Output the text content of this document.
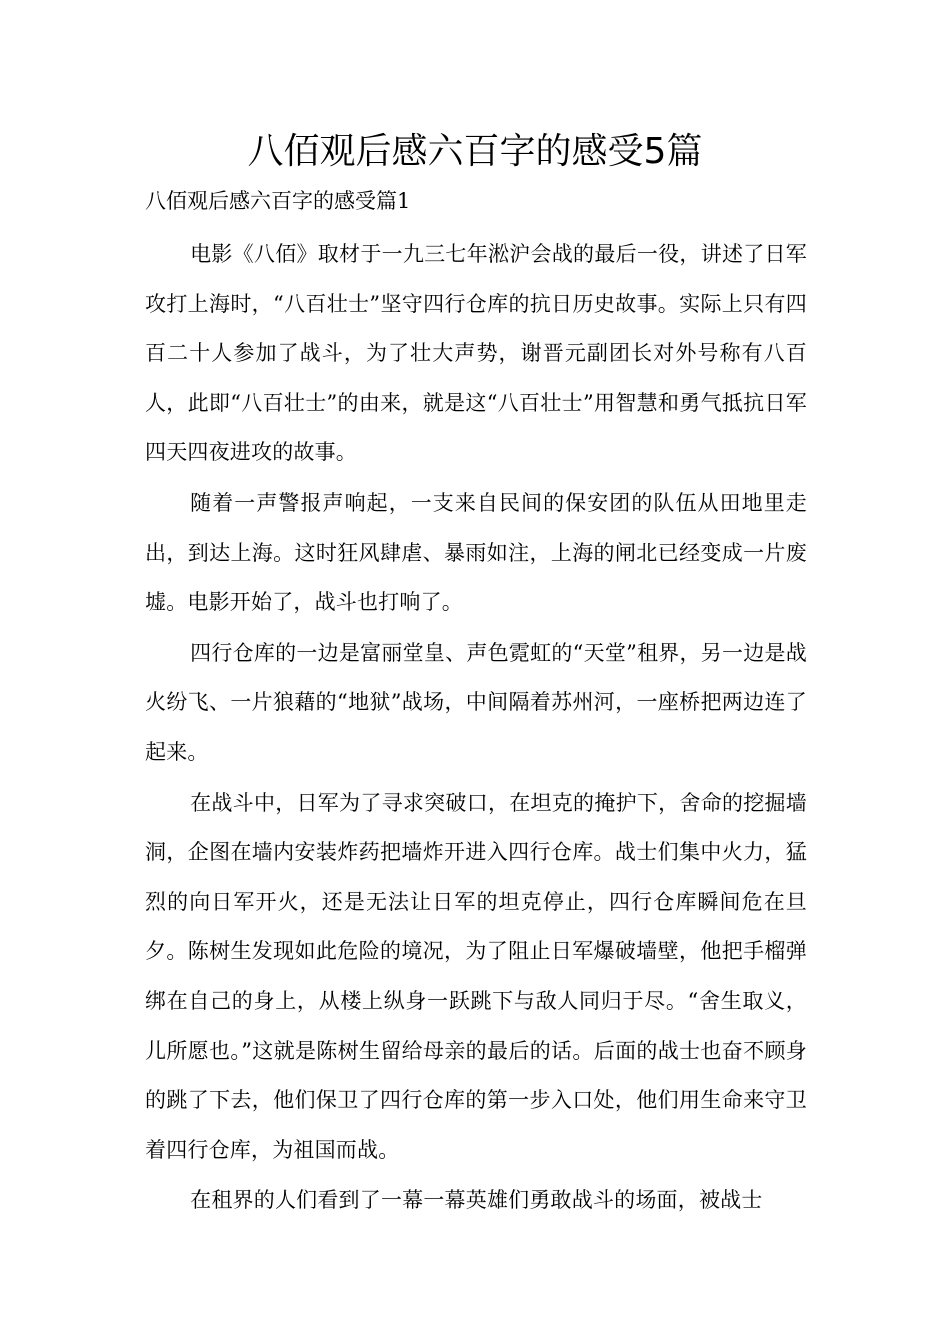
八佰观后感六百字的感受5篇

八佰观后感六百字的感受篇1

电影《八佰》取材于一九三七年淞沪会战的最后一役，讲述了日军攻打上海时，“八百壮士”坚守四行仓库的抗日历史故事。实际上只有四百二十人参加了战斗，为了壮大声势，谢晋元副团长对外号称有八百人，此即“八百壮士”的由来，就是这“八百壮士”用智慧和勇气抵抗日军四天四夜进攻的故事。

随着一声警报声响起，一支来自民间的保安团的队伍从田地里走出，到达上海。这时狂风肆虐、暴雨如注，上海的闸北已经变成一片废墟。电影开始了，战斗也打响了。

四行仓库的一边是富丽堂皇、声色霓虹的“天堂”租界，另一边是战火纷飞、一片狼藉的“地狱”战场，中间隔着苏州河，一座桥把两边连了起来。

在战斗中，日军为了寻求突破口，在坦克的掩护下，舍命的挖掘墙洞，企图在墙内安装炸药把墙炸开进入四行仓库。战士们集中火力，猛烈的向日军开火，还是无法让日军的坦克停止，四行仓库瞬间危在旦夕。陈树生发现如此危险的境况，为了阻止日军爆破墙壁，他把手榴弹绑在自己的身上，从楼上纵身一跃跳下与敌人同归于尽。“舍生取义，儿所愿也。”这就是陈树生留给母亲的最后的话。后面的战士也奋不顾身的跳了下去，他们保卫了四行仓库的第一步入口处，他们用生命来守卫着四行仓库，为祖国而战。

在租界的人们看到了一幕一幕英雄们勇敢战斗的场面，被战士
